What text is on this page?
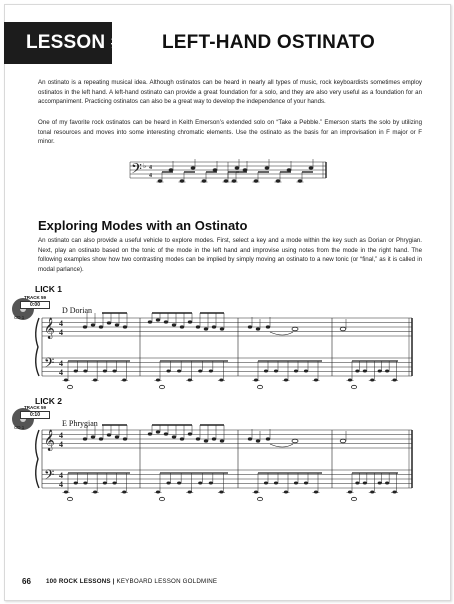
LESSON #32: LEFT-HAND OSTINATO
An ostinato is a repeating musical idea. Although ostinatos can be heard in nearly all types of music, rock keyboardists sometimes employ ostinatos in the left hand. A left-hand ostinato can provide a great foundation for a solo, and they are also very useful as a foundation for an accompaniment. Practicing ostinatos can also be a great way to develop the independence of your hands.
One of my favorite rock ostinatos can be heard in Keith Emerson’s extended solo on “Take a Pebble.” Emerson starts the solo by utilizing tonal resources and moves into some interesting chromatic elements. Use the ostinato as the basis for an improvisation in F major or F minor.
𝄢 ♭ 4
4
Exploring Modes with an Ostinato
An ostinato can also provide a useful vehicle to explore modes. First, select a key and a mode within the key such as Dorian or Phrygian. Next, play an ostinato based on the tonic of the mode in the left hand and improvise using notes from the mode in the right hand. The following examples show how two contrasting modes can be implied by simply moving an ostinato to a new tonic (or “final,” as it is called in modal parlance).
LICK 1
TRACK 59
0:00
CD 1
D Dorian
LICK 2
TRACK 59
0:10
CD 1	E Phrygian
𝄞
𝄢
4
4
4
4
𝄞
𝄢
4
4
4
4
66 100 ROCK LESSONS | KEYBOARD LESSON GOLDMINE
